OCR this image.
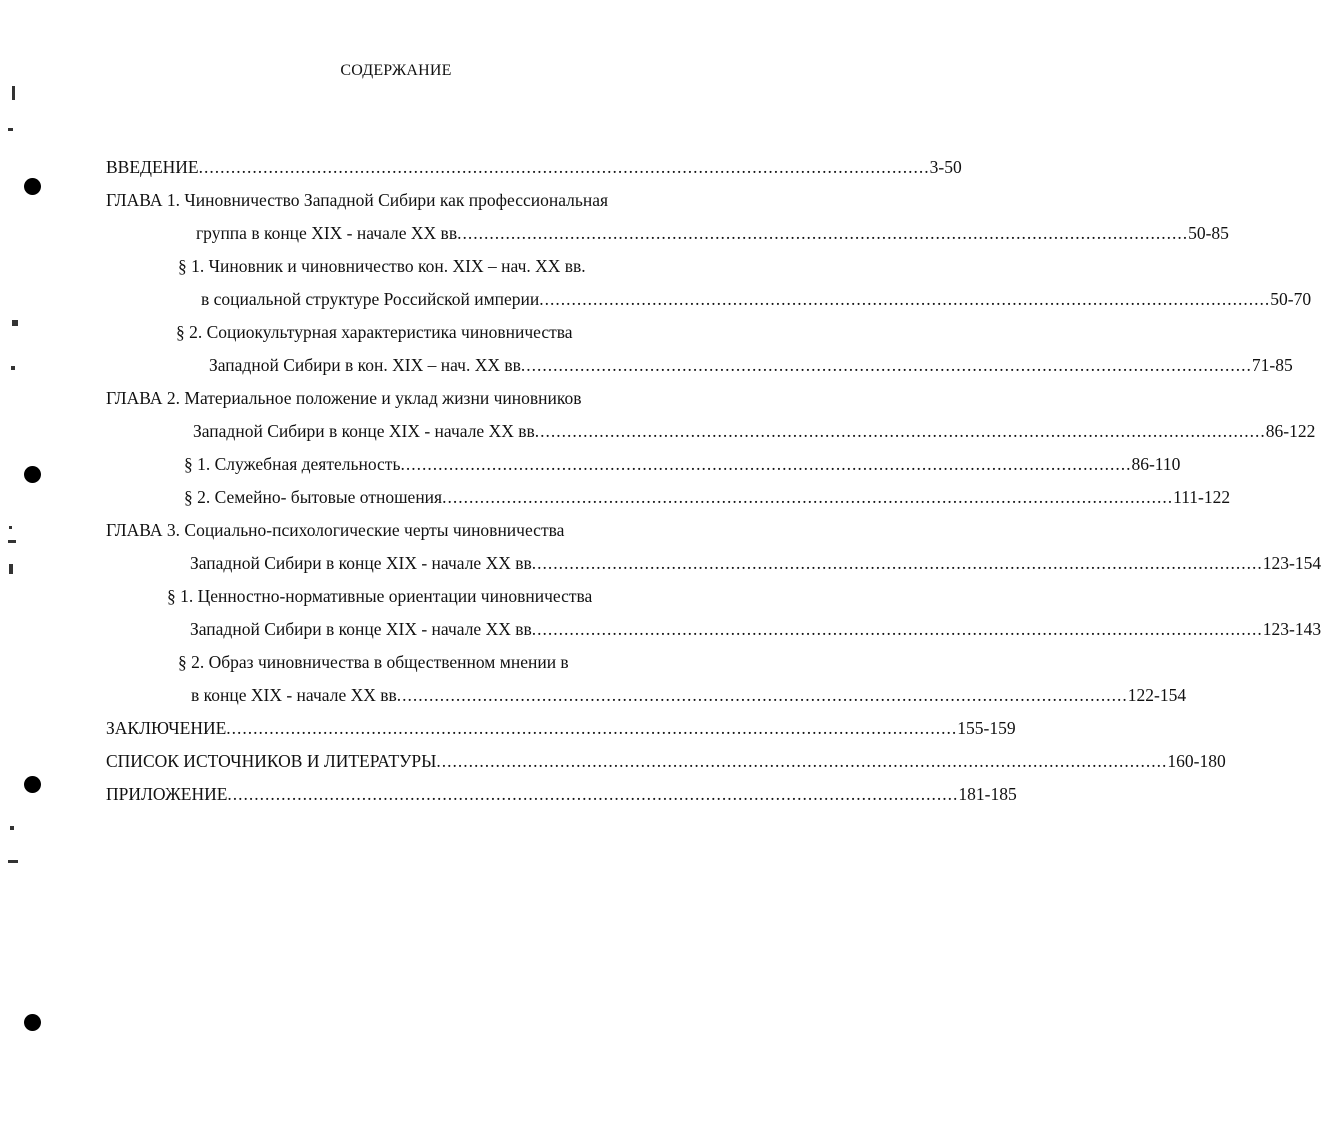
СОДЕРЖАНИЕ
ВВЕДЕНИЕ ........................................................................................................................................ 3-50
ГЛАВА 1. Чиновничество Западной Сибири как профессиональная
группа в конце XIX - начале XX вв ........................................................................................................................................ 50-85
§ 1. Чиновник и чиновничество кон. XIX – нач. XX вв.
в социальной структуре Российской империи ........................................................................................................................................ 50-70
§ 2. Социокультурная характеристика чиновничества
Западной Сибири в кон. XIX – нач. XX вв ........................................................................................................................................ 71-85
ГЛАВА 2. Материальное положение и уклад жизни чиновников
Западной Сибири в конце XIX - начале XX вв ........................................................................................................................................ 86-122
§ 1. Служебная деятельность ........................................................................................................................................ 86-110
§ 2. Семейно- бытовые отношения ........................................................................................................................................ 111-122
ГЛАВА 3. Социально-психологические черты чиновничества
Западной Сибири в конце XIX - начале XX вв ........................................................................................................................................ 123-154
§ 1. Ценностно-нормативные ориентации чиновничества
Западной Сибири в конце XIX - начале XX вв ........................................................................................................................................ 123-143
§ 2. Образ чиновничества в общественном мнении в
в конце XIX - начале XX вв ........................................................................................................................................ 122-154
ЗАКЛЮЧЕНИЕ ........................................................................................................................................ 155-159
СПИСОК ИСТОЧНИКОВ И ЛИТЕРАТУРЫ ........................................................................................................................................ 160-180
ПРИЛОЖЕНИЕ ........................................................................................................................................ 181-185
